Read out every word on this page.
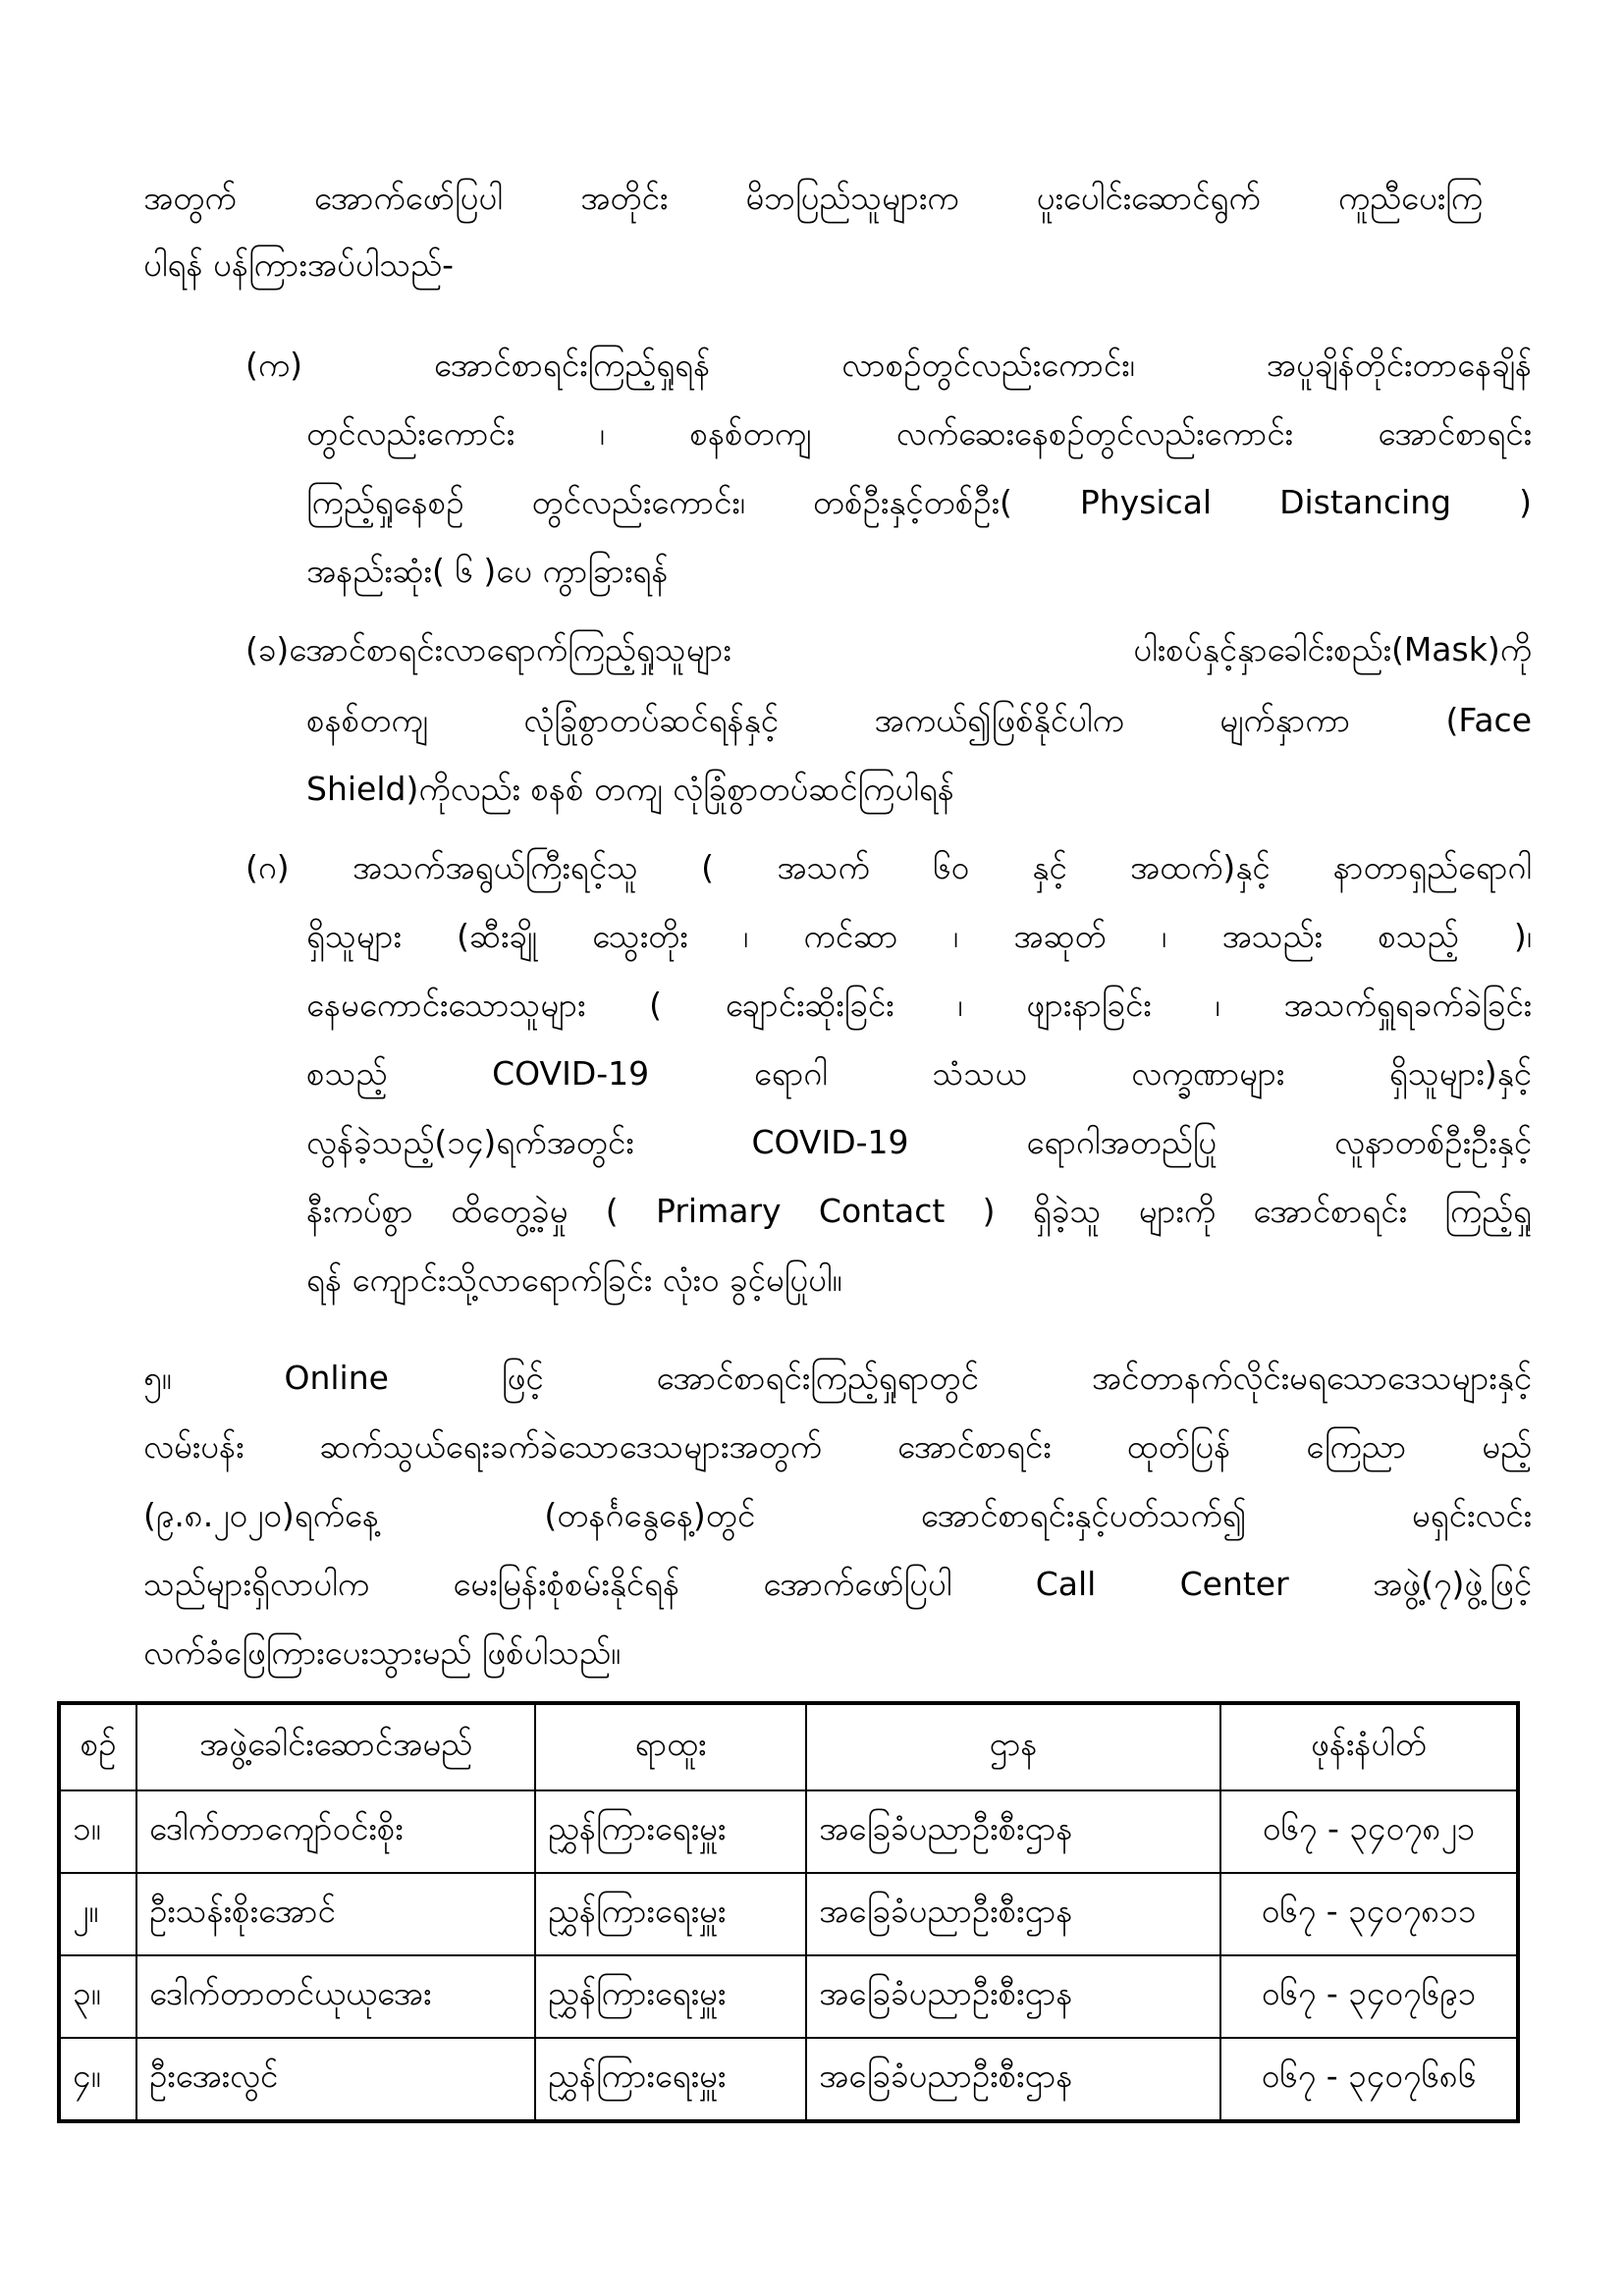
အတွက် အောက်ဖော်ပြပါ အတိုင်း မိဘပြည်သူများက ပူးပေါင်းဆောင်ရွက် ကူညီပေးကြ
ပါရန် ပန်ကြားအပ်ပါသည်-
(က) အောင်စာရင်းကြည့်ရှုရန် လာစဉ်တွင်လည်းကောင်း၊ အပူချိန်တိုင်းတာနေချိန်
တွင်လည်းကောင်း ၊ စနစ်တကျ လက်ဆေးနေစဉ်တွင်လည်းကောင်း အောင်စာရင်း
ကြည့်ရှုနေစဉ် တွင်လည်းကောင်း၊ တစ်ဦးနှင့်တစ်ဦး( Physical Distancing )
အနည်းဆုံး( ၆ )ပေ ကွာခြားရန်
(ခ)အောင်စာရင်းလာရောက်ကြည့်ရှုသူများ ပါးစပ်နှင့်နှာခေါင်းစည်း(Mask)ကို
စနစ်တကျ လုံခြုံစွာတပ်ဆင်ရန်နှင့် အကယ်၍ဖြစ်နိုင်ပါက မျက်နှာကာ (Face
Shield)ကိုလည်း စနစ် တကျ လုံခြုံစွာတပ်ဆင်ကြပါရန်
(ဂ) အသက်အရွယ်ကြီးရင့်သူ ( အသက် ၆၀ နှင့် အထက်)နှင့် နာတာရှည်ရောဂါ
ရှိသူများ (ဆီးချို သွေးတိုး ၊ ကင်ဆာ ၊ အဆုတ် ၊ အသည်း စသည့် )၊
နေမကောင်းသောသူများ ( ချောင်းဆိုးခြင်း ၊ ဖျားနာခြင်း ၊ အသက်ရှူရခက်ခဲခြင်း
စသည့် COVID-19 ရောဂါ သံသယ လက္ခဏာများ ရှိသူများ)နှင့်
လွန်ခဲ့သည့်(၁၄)ရက်အတွင်း COVID-19 ရောဂါအတည်ပြု လူနာတစ်ဦးဦးနှင့်
နီးကပ်စွာ ထိတွေ့ခဲ့မှု ( Primary Contact ) ရှိခဲ့သူ များကို အောင်စာရင်း ကြည့်ရှု
ရန် ကျောင်းသို့လာရောက်ခြင်း လုံးဝ ခွင့်မပြုပါ။
၅။ Online ဖြင့် အောင်စာရင်းကြည့်ရှုရာတွင် အင်တာနက်လိုင်းမရသောဒေသများနှင့်
လမ်းပန်း ဆက်သွယ်ရေးခက်ခဲသောဒေသများအတွက် အောင်စာရင်း ထုတ်ပြန် ကြေညာ မည့်
(၉.၈.၂၀၂၀)ရက်နေ့ (တနင်္ဂနွေနေ့)တွင် အောင်စာရင်းနှင့်ပတ်သက်၍ မရှင်းလင်း
သည်များရှိလာပါက မေးမြန်းစုံစမ်းနိုင်ရန် အောက်ဖော်ပြပါ Call Center အဖွဲ့(၇)ဖွဲ့ဖြင့်
လက်ခံဖြေကြားပေးသွားမည် ဖြစ်ပါသည်။
စဉ်	အဖွဲ့ခေါင်းဆောင်အမည်	ရာထူး	ဌာန	ဖုန်းနံပါတ်
၁။	ဒေါက်တာကျော်ဝင်းစိုး	ညွှန်ကြားရေးမှူး	အခြေခံပညာဦးစီးဌာန	၀၆၇ - ၃၄၀၇၈၂၁
၂။	ဦးသန်းစိုးအောင်	ညွှန်ကြားရေးမှူး	အခြေခံပညာဦးစီးဌာန	၀၆၇ - ၃၄၀၇၈၁၁
၃။	ဒေါက်တာတင်ယုယုအေး	ညွှန်ကြားရေးမှူး	အခြေခံပညာဦးစီးဌာန	၀၆၇ - ၃၄၀၇၆၉၁
၄။	ဦးအေးလွင်	ညွှန်ကြားရေးမှူး	အခြေခံပညာဦးစီးဌာန	၀၆၇ - ၃၄၀၇၆၈၆
